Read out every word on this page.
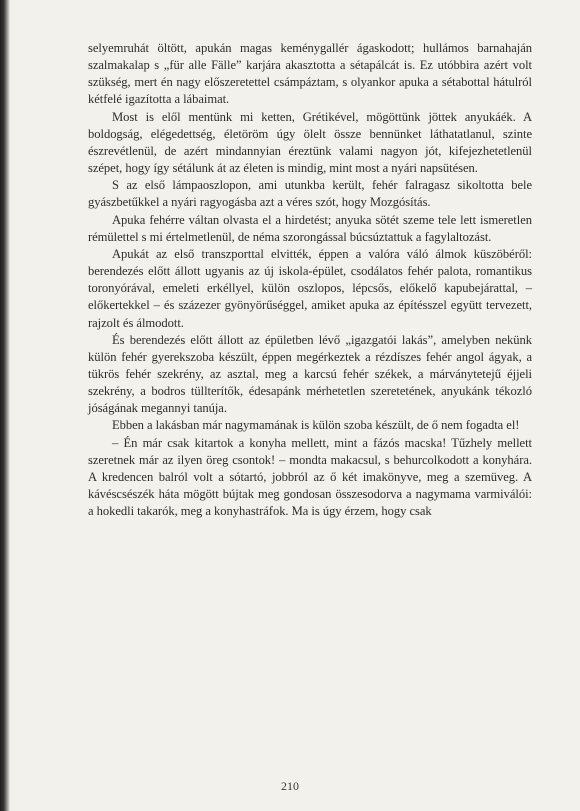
selyemruhát öltött, apukán magas keménygallér ágaskodott; hullámos barnahaján szalmakalap s „für alle Fälle” karjára akasztotta a sétapálcát is. Ez utóbbira azért volt szükség, mert én nagy előszeretettel csámpáztam, s olyankor apuka a sétabottal hátulról kétfelé igazította a lábaimat.

Most is elől mentünk mi ketten, Grétikével, mögöttünk jöttek anyukáék. A boldogság, elégedettség, életöröm úgy ölelt össze bennünket láthatatlanul, szinte észrevétlenül, de azért mindannyian éreztünk valami nagyon jót, kifejezhetetlenül szépet, hogy így sétálunk át az életen is mindig, mint most a nyári napsütésen.

S az első lámpaoszlopon, ami utunkba került, fehér falragasz sikoltotta bele gyászbetűkkel a nyári ragyogásba azt a véres szót, hogy Mozgósítás.

Apuka fehérre váltan olvasta el a hirdetést; anyuka sötét szeme tele lett ismeretlen rémülettel s mi értelmetlenül, de néma szorongással búcsúztattuk a fagylaltozást.

Apukát az első transzporttal elvitték, éppen a valóra váló álmok küszöbéről: berendezés előtt állott ugyanis az új iskola-épület, csodálatos fehér palota, romantikus toronyórával, emeleti erkéllyel, külön oszlopos, lépcsős, előkelő kapubejárattal, – előkertekkel – és százezer gyönyörűséggel, amiket apuka az építésszel együtt tervezett, rajzolt és álmodott.

És berendezés előtt állott az épületben lévő „igazgatói lakás”, amelyben nekünk külön fehér gyerekszoba készült, éppen megérkeztek a rézdíszes fehér angol ágyak, a tükrös fehér szekrény, az asztal, meg a karcsú fehér székek, a márványtetejű éjjeli szekrény, a bodros tüllterítők, édesapánk mérhetetlen szeretetének, anyukánk tékozló jóságának megannyi tanúja.

Ebben a lakásban már nagymamának is külön szoba készült, de ő nem fogadta el!

– Én már csak kitartok a konyha mellett, mint a fázós macska! Tűzhely mellett szeretnek már az ilyen öreg csontok! – mondta makacsul, s behurcolkodott a konyhára. A kredencen balról volt a sótartó, jobbról az ő két imakönyve, meg a szemüveg. A kávéscsészék háta mögött bújtak meg gondosan összesodorva a nagymama varmiválói: a hokedli takarók, meg a konyhastráfok. Ma is úgy érzem, hogy csak

210
